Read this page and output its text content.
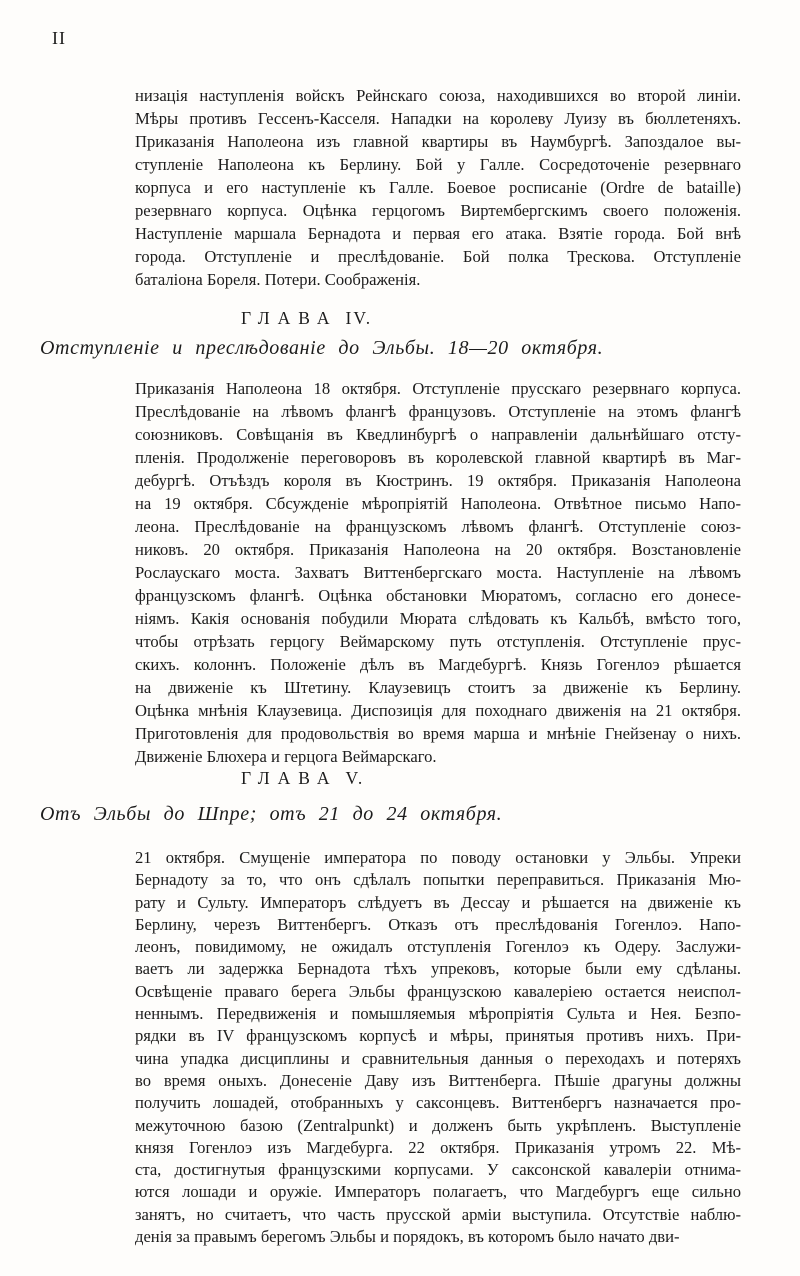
II
низація наступленія войскъ Рейнскаго союза, находившихся во второй линіи.
Мѣры противъ Гессенъ-Касселя. Нападки на королеву Луизу въ бюллетеняхъ.
Приказанія Наполеона изъ главной квартиры въ Наумбургѣ. Запоздалое вы-
ступленіе Наполеона къ Берлину. Бой у Галле. Сосредоточеніе резервнаго
корпуса и его наступленіе къ Галле. Боевое росписаніе (Ordre de bataille)
резервнаго корпуса. Оцѣнка герцогомъ Виртембергскимъ своего положенія.
Наступленіе маршала Бернадота и первая его атака. Взятіе города. Бой внѣ
города. Отступленіе и преслѣдованіе. Бой полка Трескова. Отступленіе
баталіона Бореля. Потери. Соображенія.
ГЛАВА IV.
Отступленіе и преслѣдованіе до Эльбы. 18—20 октября.
Приказанія Наполеона 18 октября. Отступленіе прусскаго резервнаго корпуса.
Преслѣдованіе на лѣвомъ флангѣ французовъ. Отступленіе на этомъ флангѣ
союзниковъ. Совѣщанія въ Кведлинбургѣ о направленіи дальнѣйшаго отсту-
пленія. Продолженіе переговоровъ въ королевской главной квартирѣ въ Маг-
дебургѣ. Отъѣздъ короля въ Кюстринъ. 19 октября. Приказанія Наполеона
на 19 октября. Сбсужденіе мѣропріятій Наполеона. Отвѣтное письмо Напо-
леона. Преслѣдованіе на французскомъ лѣвомъ флангѣ. Отступленіе союз-
никовъ. 20 октября. Приказанія Наполеона на 20 октября. Возстановленіе
Рослаускаго моста. Захватъ Виттенбергскаго моста. Наступленіе на лѣвомъ
французскомъ флангѣ. Оцѣнка обстановки Мюратомъ, согласно его донесе-
ніямъ. Какія основанія побудили Мюрата слѣдовать къ Кальбѣ, вмѣсто того,
чтобы отрѣзать герцогу Веймарскому путь отступленія. Отступленіе прус-
скихъ. колоннъ. Положеніе дѣлъ въ Магдебургѣ. Князь Гогенлоэ рѣшается
на движеніе къ Штетину. Клаузевицъ стоитъ за движеніе къ Берлину.
Оцѣнка мнѣнія Клаузевица. Диспозиція для походнаго движенія на 21 октября.
Приготовленія для продовольствія во время марша и мнѣніе Гнейзенау о нихъ.
Движеніе Блюхера и герцога Веймарскаго.
ГЛАВА V.
Отъ Эльбы до Шпре; отъ 21 до 24 октября.
21 октября. Смущеніе императора по поводу остановки у Эльбы. Упреки
Бернадоту за то, что онъ сдѣлалъ попытки переправиться. Приказанія Мю-
рату и Сульту. Императоръ слѣдуетъ въ Дессау и рѣшается на движеніе къ
Берлину, черезъ Виттенбергъ. Отказъ отъ преслѣдованія Гогенлоэ. Напо-
леонъ, повидимому, не ожидалъ отступленія Гогенлоэ къ Одеру. Заслужи-
ваетъ ли задержка Бернадота тѣхъ упрековъ, которые были ему сдѣланы.
Освѣщеніе праваго берега Эльбы французскою кавалеріею остается неиспол-
неннымъ. Передвиженія и помышляемыя мѣропріятія Сульта и Нея. Безпо-
рядки въ IV французскомъ корпусѣ и мѣры, принятыя противъ нихъ. При-
чина упадка дисциплины и сравнительныя данныя о переходахъ и потеряхъ
во время оныхъ. Донесеніе Даву изъ Виттенберга. Пѣшіе драгуны должны
получить лошадей, отобранныхъ у саксонцевъ. Виттенбергъ назначается про-
межуточною базою (Zentralpunkt) и долженъ быть укрѣпленъ. Выступленіе
князя Гогенлоэ изъ Магдебурга. 22 октября. Приказанія утромъ 22. Мѣ-
ста, достигнутыя французскими корпусами. У саксонской кавалеріи отнима-
ются лошади и оружіе. Императоръ полагаетъ, что Магдебургъ еще сильно
занятъ, но считаетъ, что часть прусской арміи выступила. Отсутствіе наблю-
денія за правымъ берегомъ Эльбы и порядокъ, въ которомъ было начато дви-
